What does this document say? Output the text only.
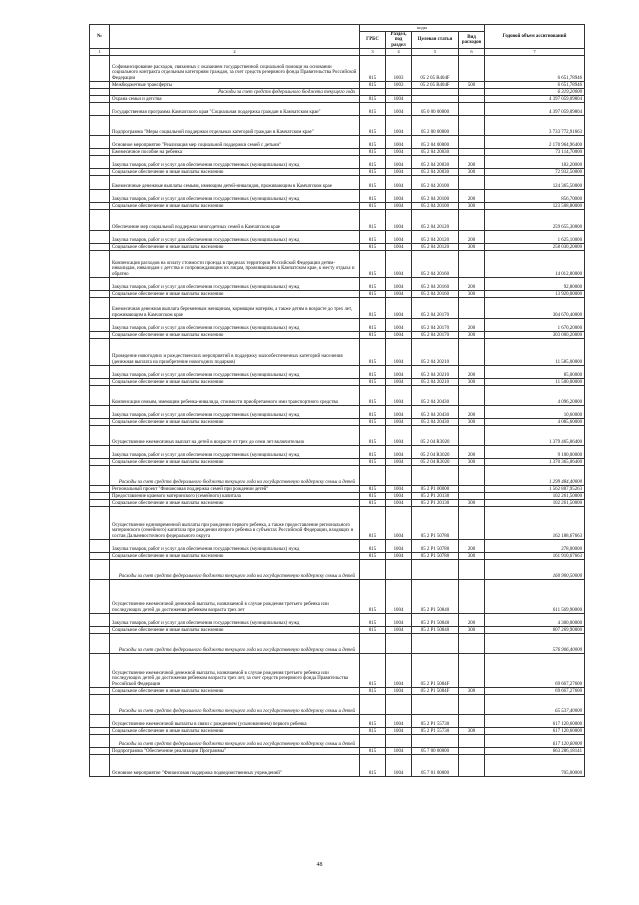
№		коды				Годовой объем ассигнований
		ГРБС	Раздел, под раздел	Целевая статья	Вид расходов	
1	2	3	4	5	6	7
	Софинансирование расходов, связанных с оказанием государственной социальной помощи на основании социального контракта отдельным категориям граждан, за счет средств резервного фонда Правительства Российской Федерации	815	1003	05 2 05 R404F		6 651,78946
	Межбюджетные трансферты	815	1003	05 2 05 R404F	500	6 651,78946
	Расходы за счет средств федерального бюджета текущего года					6 319,20000
	Охрана семьи и детства	815	1004			4 397 059,09804
	Государственная программа Камчатского края "Социальная поддержка граждан в Камчатском крае"	815	1004	05 0 00 00000		4 397 059,09804
	Подпрограмма "Меры социальной поддержки отдельных категорий граждан в Камчатском крае"	815	1004	05 2 00 00000		3 733 772,91663
	Основное мероприятие "Реализация мер социальной поддержки семей с детьми"	815	1004	05 2 04 00000		2 170 964,96400
	Ежемесячное пособие на ребенка	815	1004	05 2 04 20030		73 114,70000
	Закупка товаров, работ и услуг для обеспечения государственных (муниципальных) нужд	815	1004	05 2 04 20030	200	182,20000
	Социальное обеспечение и иные выплаты населению	815	1004	05 2 04 20030	300	72 932,50000
	Ежемесячные денежные выплаты семьям, имеющим детей-инвалидов, проживающим в Камчатском крае	815	1004	05 2 04 20100		124 365,50000
	Закупка товаров, работ и услуг для обеспечения государственных (муниципальных) нужд	815	1004	05 2 04 20100	200	856,70000
	Социальное обеспечение и иные выплаты населению	815	1004	05 2 04 20100	300	123 508,80000
	Обеспечение мер социальной поддержки многодетных семей в Камчатском крае	815	1004	05 2 04 20120		259 655,30000
	Закупка товаров, работ и услуг для обеспечения государственных (муниципальных) нужд	815	1004	05 2 04 20120	200	1 625,10000
	Социальное обеспечение и иные выплаты населению	815	1004	05 2 04 20120	300	258 030,20000
	Компенсация расходов на оплату стоимости проезда в пределах территории Российской Федерации детям-инвалидам, инвалидам с детства и сопровождающим их лицам, проживающим в Камчатском крае, к месту отдыха и обратно	815	1004	05 2 04 20160		14 012,80000
	Закупка товаров, работ и услуг для обеспечения государственных (муниципальных) нужд	815	1004	05 2 04 20160	200	92,80000
	Социальное обеспечение и иные выплаты населению	815	1004	05 2 04 20160	300	13 920,00000
	Ежемесячная денежная выплата беременным женщинам, кормящим матерям, а также детям в возрасте до трех лет, проживающим в Камчатском крае	815	1004	05 2 04 20170		304 670,40000
	Закупка товаров, работ и услуг для обеспечения государственных (муниципальных) нужд	815	1004	05 2 04 20170	200	1 670,20000
	Социальное обеспечение и иные выплаты населению	815	1004	05 2 04 20170	300	303 000,20000
	Проведение новогодних и рождественских мероприятий в поддержку малообеспеченных категорий населения (денежная выплата на приобретение новогодних подарков)	815	1004	05 2 04 20210		11 585,00000
	Закупка товаров, работ и услуг для обеспечения государственных (муниципальных) нужд	815	1004	05 2 04 20210	200	85,00000
	Социальное обеспечение и иные выплаты населению	815	1004	05 2 04 20210	300	11 500,00000
	Компенсация семьям, имеющим ребенка-инвалида, стоимости приобретаемого ими транспортного средства	815	1004	05 2 04 20430		4 096,20000
	Закупка товаров, работ и услуг для обеспечения государственных (муниципальных) нужд	815	1004	05 2 04 20430	200	10,60000
	Социальное обеспечение и иные выплаты населению	815	1004	05 2 04 20430	300	4 085,60000
	Осуществление ежемесячных выплат на детей в возрасте от трех до семи лет включительно	815	1004	05 2 04 R3020		1 379 465,06400
	Закупка товаров, работ и услуг для обеспечения государственных (муниципальных) нужд	815	1004	05 2 04 R3020	200	9 100,00000
	Социальное обеспечение и иные выплаты населению	815	1004	05 2 04 R3020	300	1 370 365,06400
	Расходы за счет средств федерального бюджета текущего года на государственную поддержку семьи и детей					1 299 484,40000
	Региональный проект "Финансовая поддержка семей при рождении детей"	815	1004	05 2 P1 00000		1 562 807,95263
	Предоставление краевого материнского (семейного) капитала	815	1004	05 2 P1 20130		102 261,50000
	Социальное обеспечение и иные выплаты населению	815	1004	05 2 P1 20130	300	102 261,50000
	Осуществление единовременной выплаты при рождении первого ребенка, а также предоставление регионального материнского (семейного) капитала при рождении второго ребенка в субъектах Российской Федерации, входящих в состав Дальневосточного федерального округа	815	1004	05 2 P1 50780		162 188,67663
	Закупка товаров, работ и услуг для обеспечения государственных (муниципальных) нужд	815	1004	05 2 P1 50780	200	278,00000
	Социальное обеспечение и иные выплаты населению	815	1004	05 2 P1 50780	300	161 910,67663
	Расходы за счет средств федерального бюджета текущего года на государственную поддержку семьи и детей					160 900,50000
	Осуществление ежемесячной денежной выплаты, назначаемой в случае рождения третьего ребенка или последующих детей до достижения ребенком возраста трех лет	815	1004	05 2 P1 50840		611 569,90000
	Закупка товаров, работ и услуг для обеспечения государственных (муниципальных) нужд	815	1004	05 2 P1 50840	200	4 300,00000
	Социальное обеспечение и иные выплаты населению	815	1004	05 2 P1 50840	300	607 269,90000
	Расходы за счет средств федерального бюджета текущего года на государственную поддержку семьи и детей					576 906,40000
	Осуществление ежемесячной денежной выплаты, назначаемой в случае рождения третьего ребенка или последующих детей до достижения ребенком возраста трех лет, за счет средств резервного фонда Правительства Российской Федерации	815	1004	05 2 P1 5084F		69 667,27600
	Социальное обеспечение и иные выплаты населению	815	1004	05 2 P1 5084F	300	69 667,27600
	Расходы за счет средств федерального бюджета текущего года на государственную поддержку семьи и детей					65 537,40000
	Осуществление ежемесячной выплаты в связи с рождением (усыновлением) первого ребенка	815	1004	05 2 P1 55730		617 120,60000
	Социальное обеспечение и иные выплаты населению	815	1004	05 2 P1 55730	300	617 120,60000
	Расходы за счет средств федерального бюджета текущего года на государственную поддержку семьи и детей					617 120,60000
	Подпрограмма "Обеспечение реализации Программы"	815	1004	05 7 00 00000		663 286,18141
	Основное мероприятие "Финансовая поддержка подведомственных учреждений"	815	1004	05 7 01 00000		705,00000
48
